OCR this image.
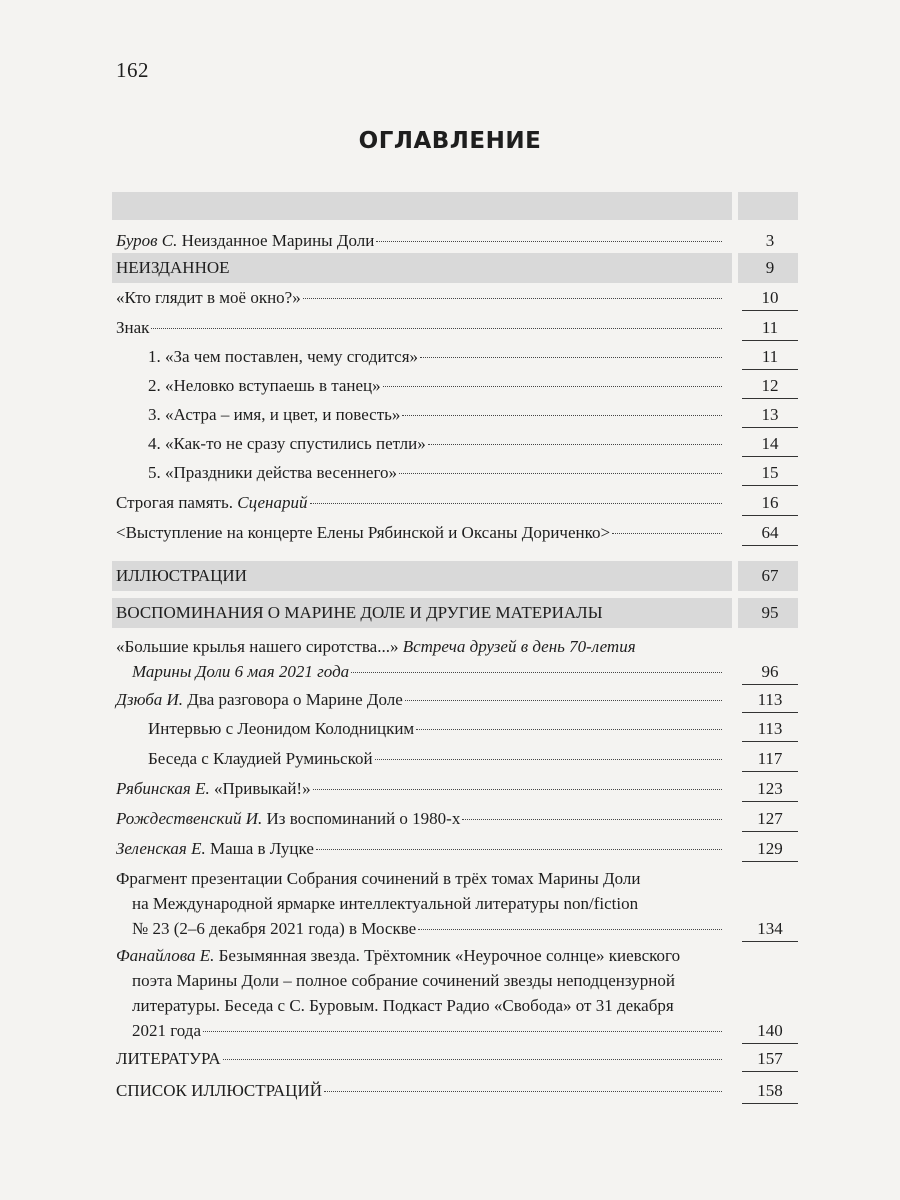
162
ОГЛАВЛЕНИЕ
Буров С. Неизданное Марины Доли	3
НЕИЗДАННОЕ	9
«Кто глядит в моё окно?»	10
Знак	11
1. «За чем поставлен, чему сгодится»	11
2. «Неловко вступаешь в танец»	12
3. «Астра – имя, и цвет, и повесть»	13
4. «Как-то не сразу спустились петли»	14
5. «Праздники действа весеннего»	15
Строгая память. Сценарий	16
<Выступление на концерте Елены Рябинской и Оксаны Дориченко>	64
ИЛЛЮСТРАЦИИ	67
ВОСПОМИНАНИЯ О МАРИНЕ ДОЛЕ И ДРУГИЕ МАТЕРИАЛЫ	95
«Большие крылья нашего сиротства...» Встреча друзей в день 70-летия
Марины Доли 6 мая 2021 года	96
Дзюба И. Два разговора о Марине Доле	113
Интервью с Леонидом Колодницким	113
Беседа с Клаудией Руминьской	117
Рябинская Е. «Привыкай!»	123
Рождественский И. Из воспоминаний о 1980-х	127
Зеленская Е. Маша в Луцке	129
Фрагмент презентации Собрания сочинений в трёх томах Марины Доли
на Международной ярмарке интеллектуальной литературы non/fiction
№ 23 (2–6 декабря 2021 года) в Москве	134
Фанайлова Е. Безымянная звезда. Трёхтомник «Неурочное солнце» киевского
поэта Марины Доли – полное собрание сочинений звезды неподцензурной
литературы. Беседа с С. Буровым. Подкаст Радио «Свобода» от 31 декабря
2021 года	140
ЛИТЕРАТУРА	157
СПИСОК ИЛЛЮСТРАЦИЙ	158
